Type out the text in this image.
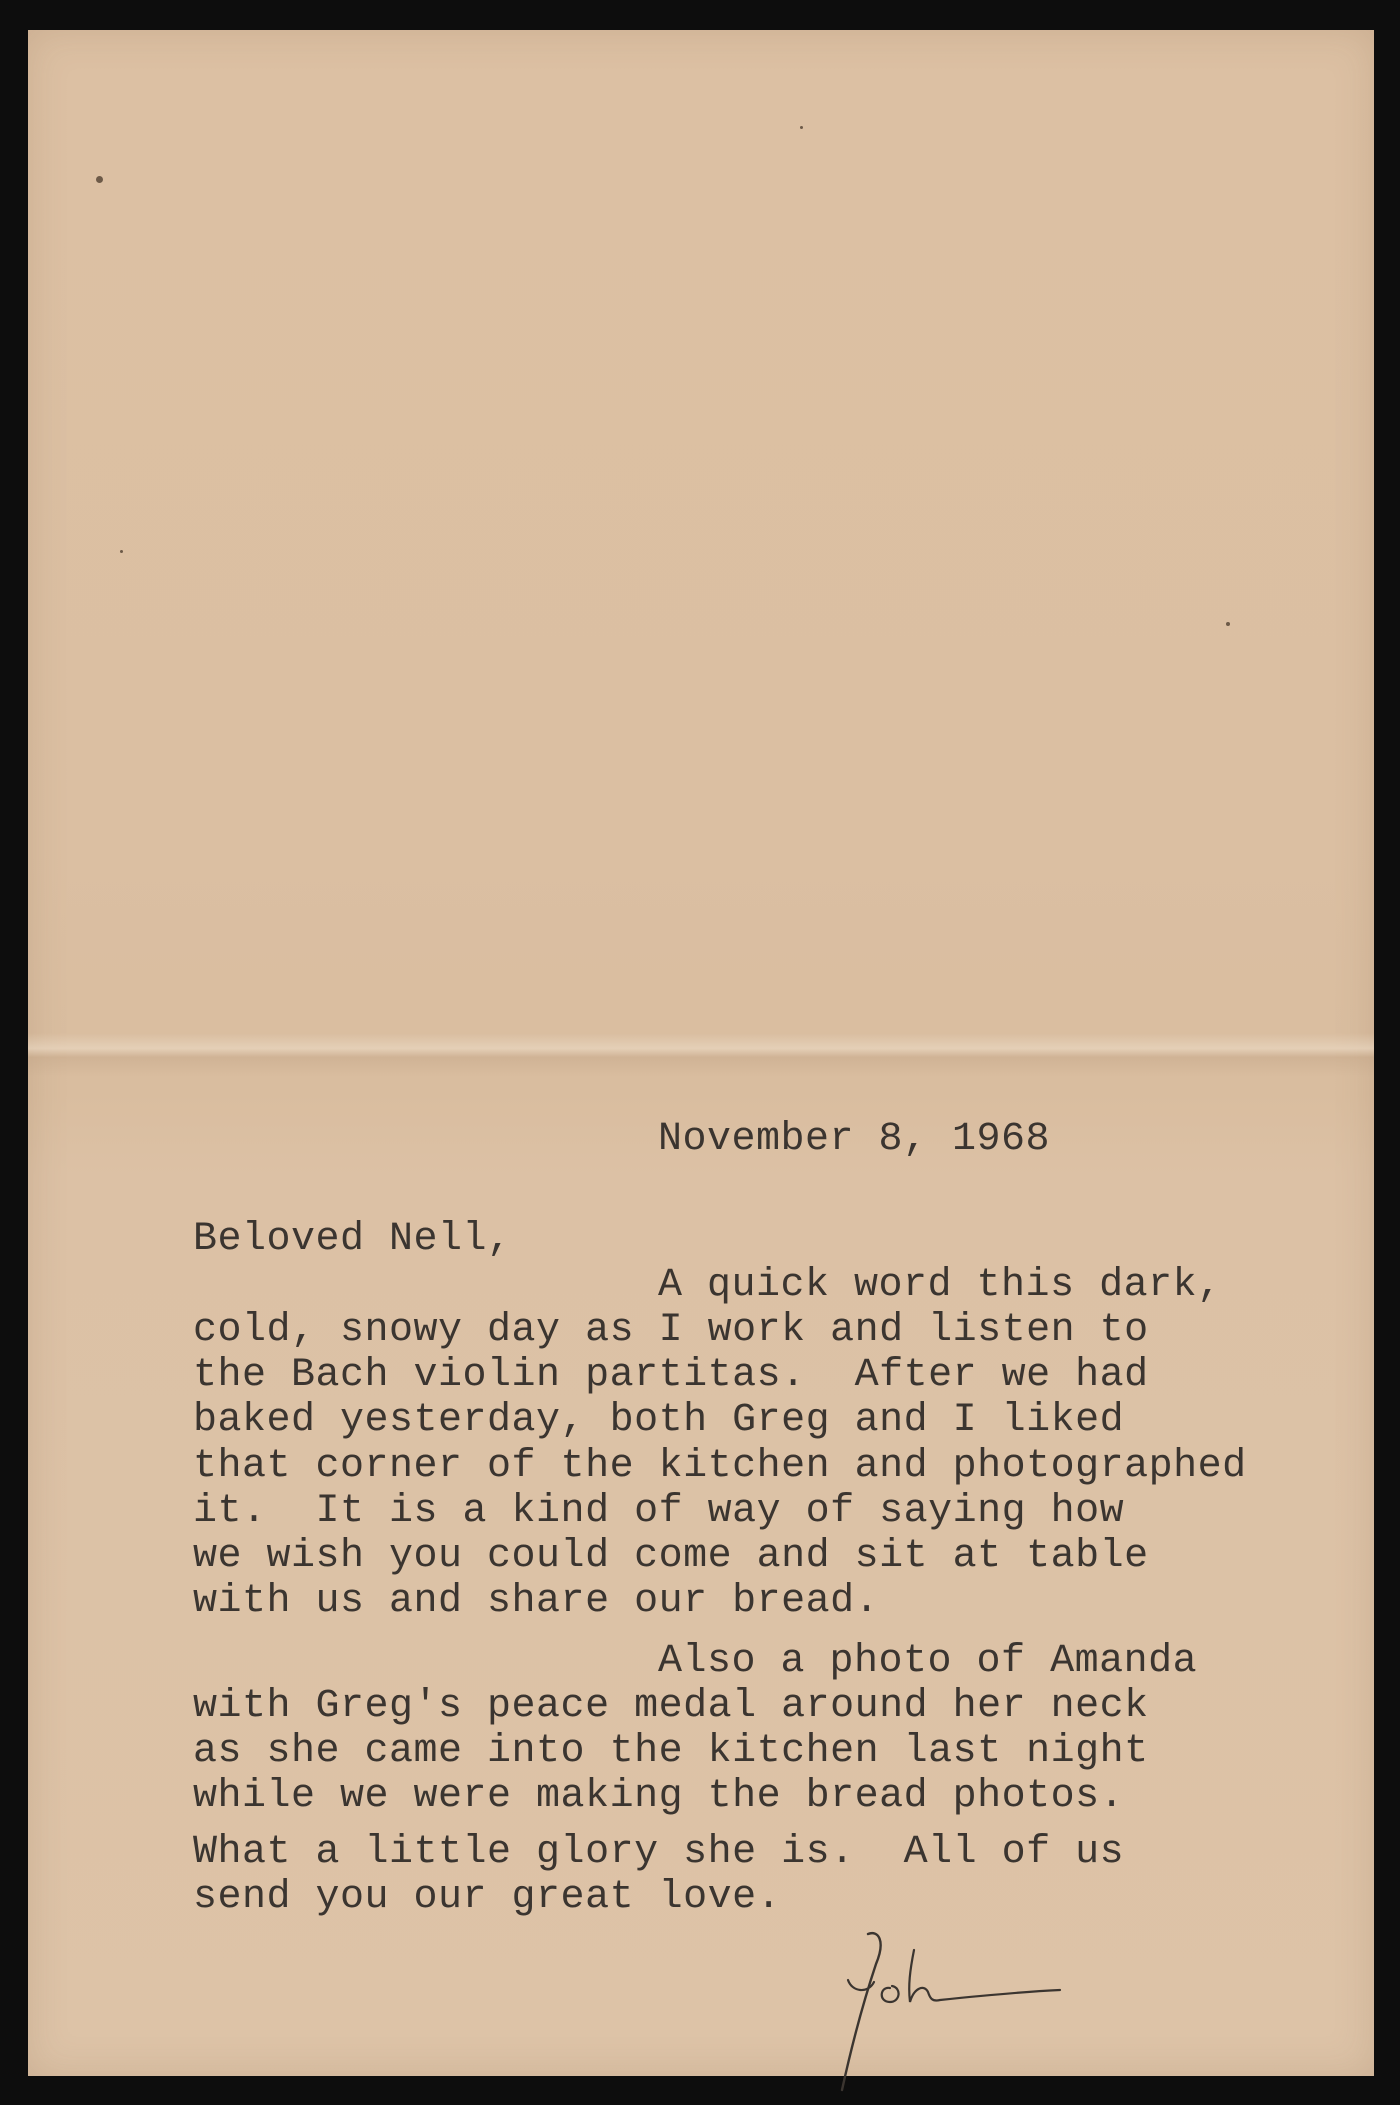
November 8, 1968
Beloved Nell,
A quick word this dark,
cold, snowy day as I work and listen to
the Bach violin partitas.  After we had
baked yesterday, both Greg and I liked
that corner of the kitchen and photographed
it.  It is a kind of way of saying how
we wish you could come and sit at table
with us and share our bread.
Also a photo of Amanda
with Greg's peace medal around her neck
as she came into the kitchen last night
while we were making the bread photos.
What a little glory she is.  All of us
send you our great love.
